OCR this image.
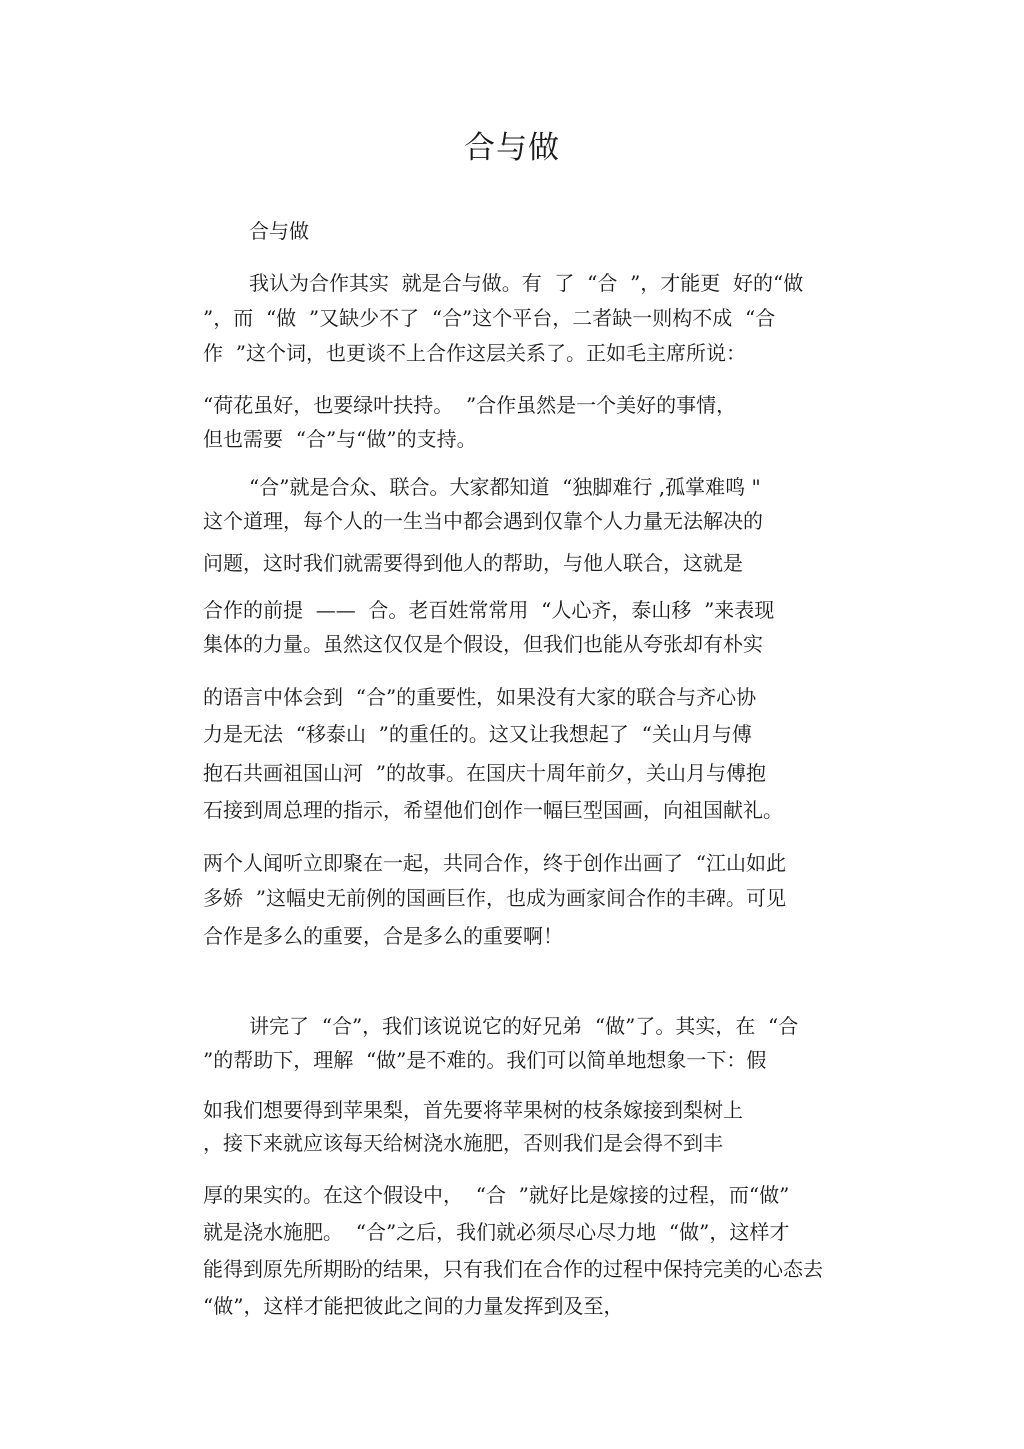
合与做

合与做

我认为合作其实  就是合与做。有  了  “合  ”，才能更  好的“做

”，而  “做  ”又缺少不了  “合”这个平台，二者缺一则构不成  “合

作  ”这个词，也更谈不上合作这层关系了。正如毛主席所说：

“荷花虽好，也要绿叶扶持。  ”合作虽然是一个美好的事情，

但也需要  “合”与“做”的支持。

“合”就是合众、联合。大家都知道  “独脚难行 ,孤掌难鸣 "

这个道理，每个人的一生当中都会遇到仅靠个人力量无法解决的

问题，这时我们就需要得到他人的帮助，与他人联合，这就是

合作的前提  ——  合。老百姓常常用  “人心齐，泰山移  ”来表现

集体的力量。虽然这仅仅是个假设，但我们也能从夸张却有朴实

的语言中体会到  “合”的重要性，如果没有大家的联合与齐心协

力是无法  “移泰山  ”的重任的。这又让我想起了  “关山月与傅

抱石共画祖国山河  ”的故事。在国庆十周年前夕，关山月与傅抱

石接到周总理的指示，希望他们创作一幅巨型国画，向祖国献礼。

两个人闻听立即聚在一起，共同合作，终于创作出画了  “江山如此

多娇  ”这幅史无前例的国画巨作，也成为画家间合作的丰碑。可见

合作是多么的重要，合是多么的重要啊！

讲完了  “合”，我们该说说它的好兄弟  “做”了。其实，在  “合

”的帮助下，理解  “做”是不难的。我们可以简单地想象一下：假

如我们想要得到苹果梨，首先要将苹果树的枝条嫁接到梨树上

，接下来就应该每天给树浇水施肥，否则我们是会得不到丰

厚的果实的。在这个假设中，  “合  ”就好比是嫁接的过程，而“做”

就是浇水施肥。  “合”之后，我们就必须尽心尽力地  “做”，这样才

能得到原先所期盼的结果，只有我们在合作的过程中保持完美的心态去

“做”，这样才能把彼此之间的力量发挥到及至，
